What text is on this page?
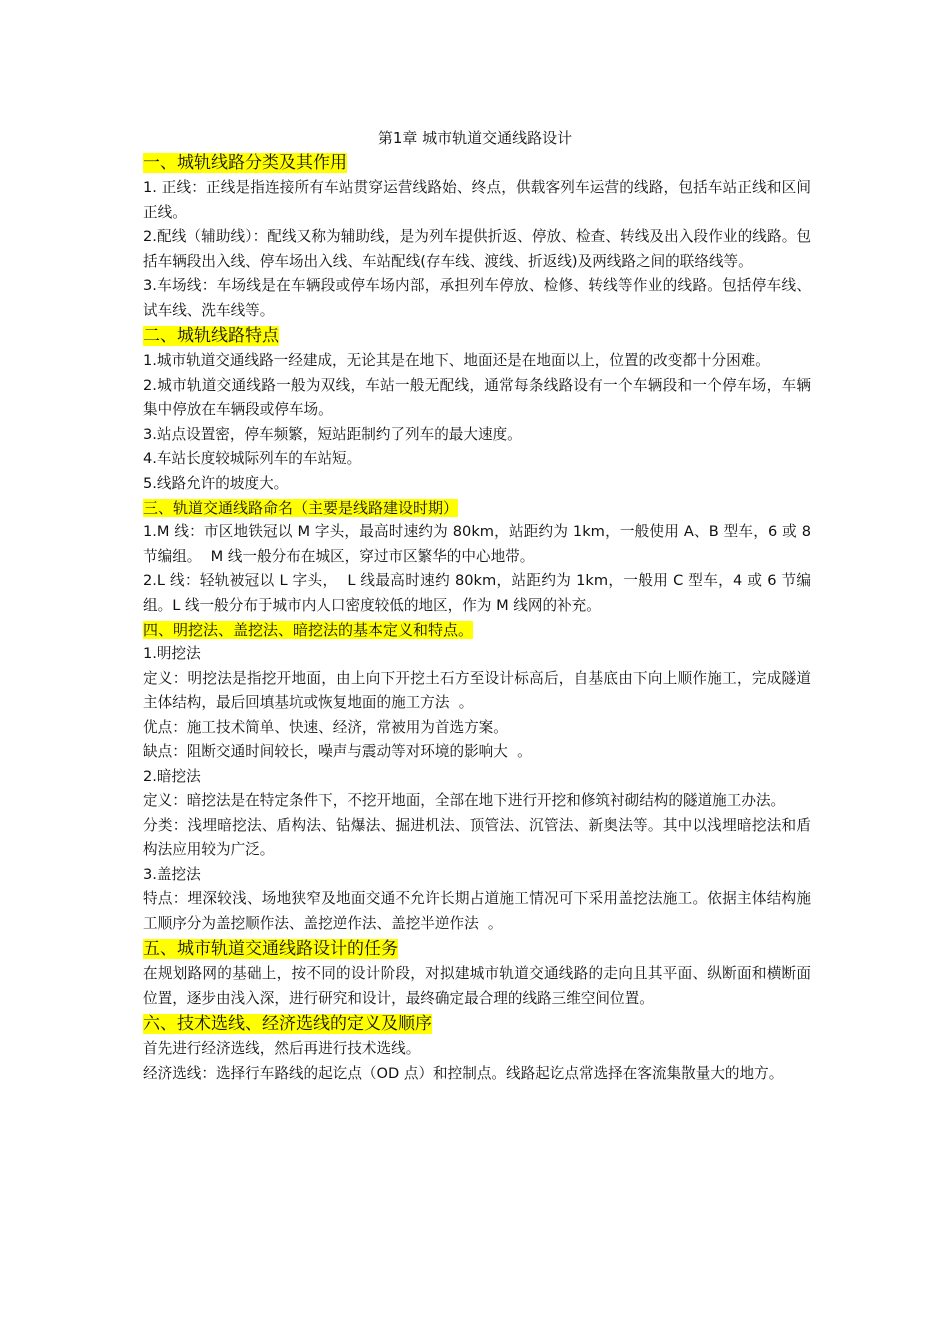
第1章 城市轨道交通线路设计
一、城轨线路分类及其作用
1. 正线：正线是指连接所有车站贯穿运营线路始、终点，供载客列车运营的线路，包括车站正线和区间正线。
2.配线（辅助线）：配线又称为辅助线，是为列车提供折返、停放、检查、转线及出入段作业的线路。包括车辆段出入线、停车场出入线、车站配线(存车线、渡线、折返线)及两线路之间的联络线等。
3.车场线：车场线是在车辆段或停车场内部，承担列车停放、检修、转线等作业的线路。包括停车线、试车线、洗车线等。
二、城轨线路特点
1.城市轨道交通线路一经建成，无论其是在地下、地面还是在地面以上，位置的改变都十分困难。
2.城市轨道交通线路一般为双线，车站一般无配线，通常每条线路设有一个车辆段和一个停车场，车辆集中停放在车辆段或停车场。
3.站点设置密，停车频繁，短站距制约了列车的最大速度。
4.车站长度较城际列车的车站短。
5.线路允许的坡度大。
三、轨道交通线路命名（主要是线路建设时期）
1.M 线：市区地铁冠以 M 字头，最高时速约为 80km，站距约为 1km，一般使用 A、B 型车，6 或 8 节编组。  M 线一般分布在城区，穿过市区繁华的中心地带。
2.L 线：轻轨被冠以 L 字头，  L 线最高时速约 80km，站距约为 1km，一般用 C 型车，4 或 6 节编组。L 线一般分布于城市内人口密度较低的地区，作为 M 线网的补充。
四、明挖法、盖挖法、暗挖法的基本定义和特点。
1.明挖法
定义：明挖法是指挖开地面，由上向下开挖土石方至设计标高后，自基底由下向上顺作施工，完成隧道主体结构，最后回填基坑或恢复地面的施工方法  。
优点：施工技术简单、快速、经济，常被用为首选方案。
缺点：阻断交通时间较长，噪声与震动等对环境的影响大  。
2.暗挖法
定义：暗挖法是在特定条件下，不挖开地面，全部在地下进行开挖和修筑衬砌结构的隧道施工办法。
分类：浅埋暗挖法、盾构法、钻爆法、掘进机法、顶管法、沉管法、新奥法等。其中以浅埋暗挖法和盾构法应用较为广泛。
3.盖挖法
特点：埋深较浅、场地狭窄及地面交通不允许长期占道施工情况可下采用盖挖法施工。依据主体结构施工顺序分为盖挖顺作法、盖挖逆作法、盖挖半逆作法  。
五、城市轨道交通线路设计的任务
在规划路网的基础上，按不同的设计阶段，对拟建城市轨道交通线路的走向且其平面、纵断面和横断面位置，逐步由浅入深，进行研究和设计，最终确定最合理的线路三维空间位置。
六、技术选线、经济选线的定义及顺序
首先进行经济选线，然后再进行技术选线。
经济选线：选择行车路线的起讫点（OD 点）和控制点。线路起讫点常选择在客流集散量大的地方。
